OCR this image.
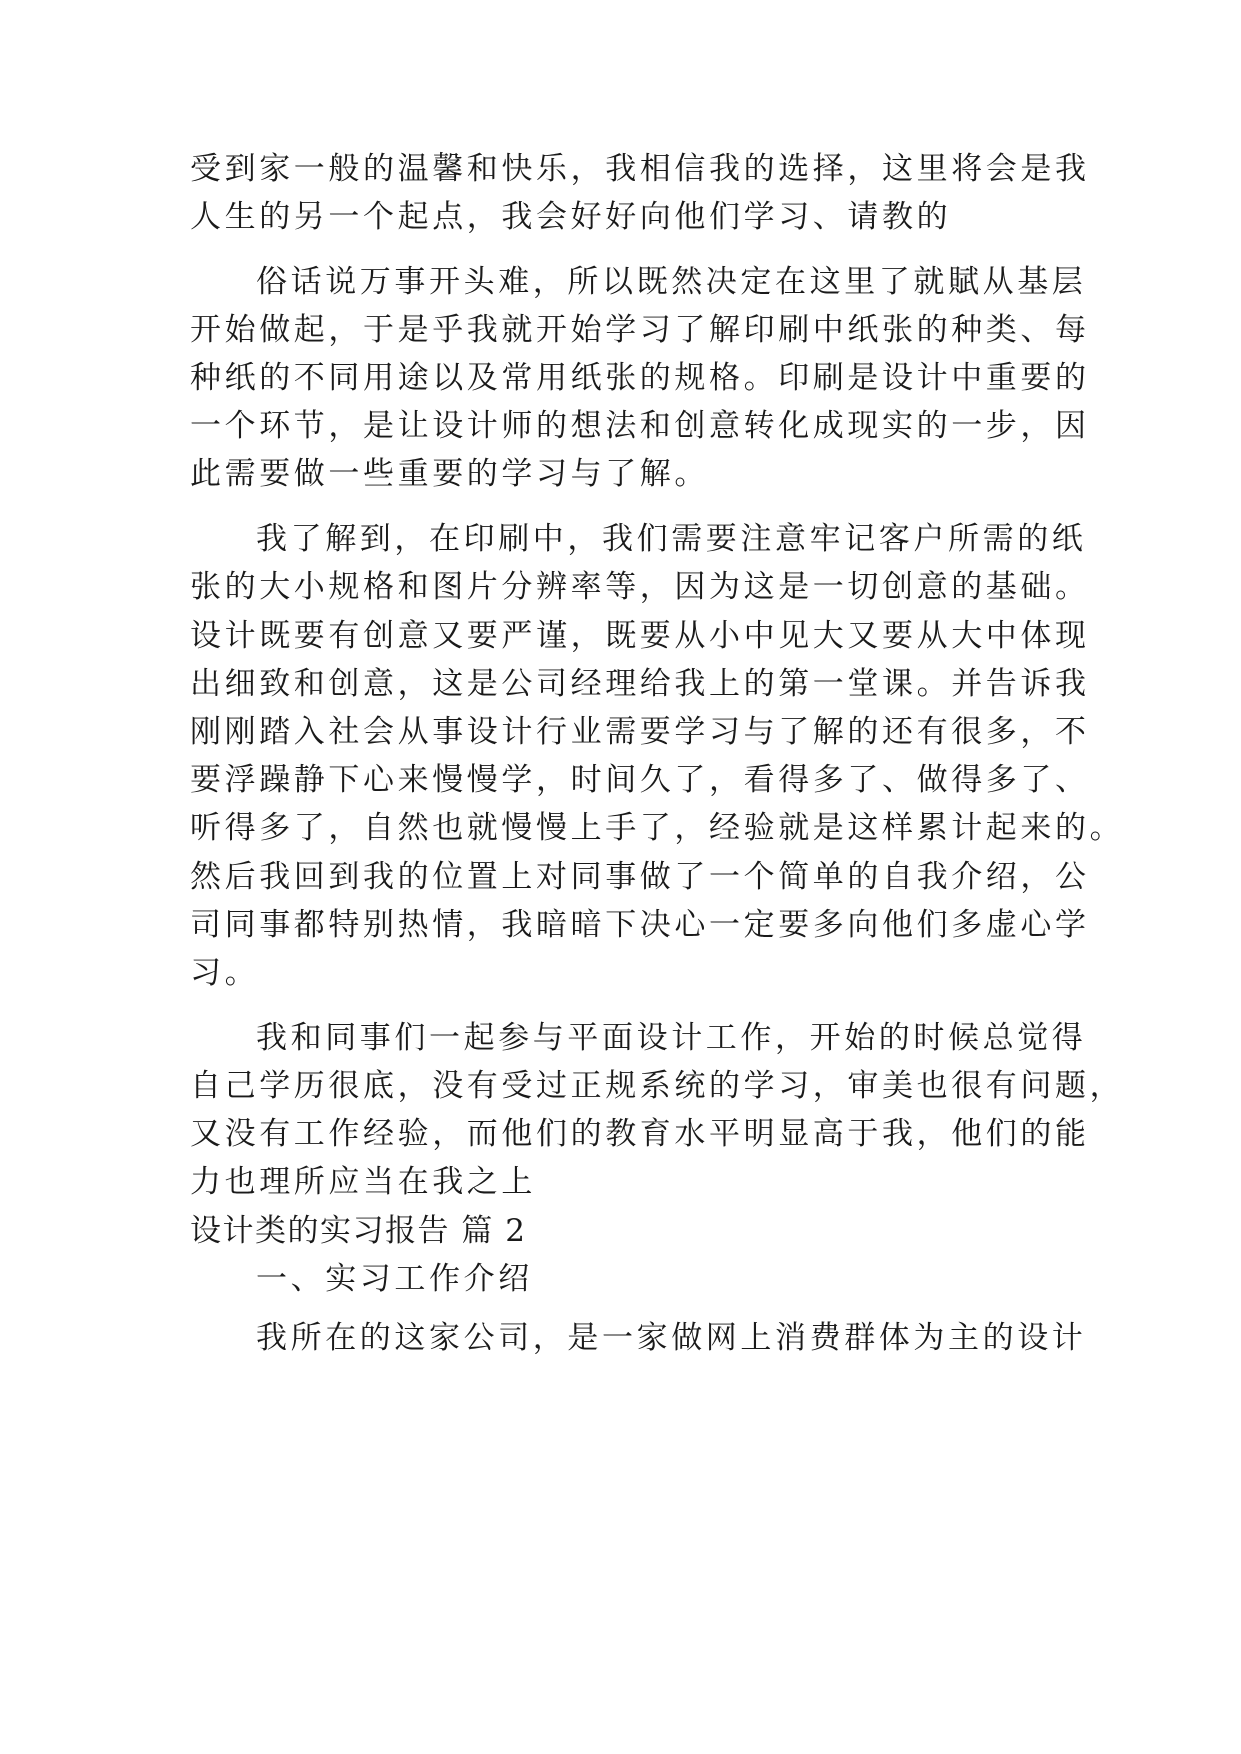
受到家一般的温馨和快乐，我相信我的选择，这里将会是我
人生的另一个起点，我会好好向他们学习、请教的
俗话说万事开头难，所以既然决定在这里了就賦从基层
开始做起，于是乎我就开始学习了解印刷中纸张的种类、每
种纸的不同用途以及常用纸张的规格。印刷是设计中重要的
一个环节，是让设计师的想法和创意转化成现实的一步，因
此需要做一些重要的学习与了解。
我了解到，在印刷中，我们需要注意牢记客户所需的纸
张的大小规格和图片分辨率等，因为这是一切创意的基础。
设计既要有创意又要严谨，既要从小中见大又要从大中体现
出细致和创意，这是公司经理给我上的第一堂课。并告诉我
刚刚踏入社会从事设计行业需要学习与了解的还有很多，不
要浮躁静下心来慢慢学，时间久了，看得多了、做得多了、
听得多了，自然也就慢慢上手了，经验就是这样累计起来的。
然后我回到我的位置上对同事做了一个简单的自我介绍，公
司同事都特别热情，我暗暗下决心一定要多向他们多虚心学
习。
我和同事们一起参与平面设计工作，开始的时候总觉得
自己学历很底，没有受过正规系统的学习，审美也很有问题，
又没有工作经验，而他们的教育水平明显高于我，他们的能
力也理所应当在我之上
设计类的实习报告 篇 2
一、实习工作介绍
我所在的这家公司，是一家做网上消费群体为主的设计
